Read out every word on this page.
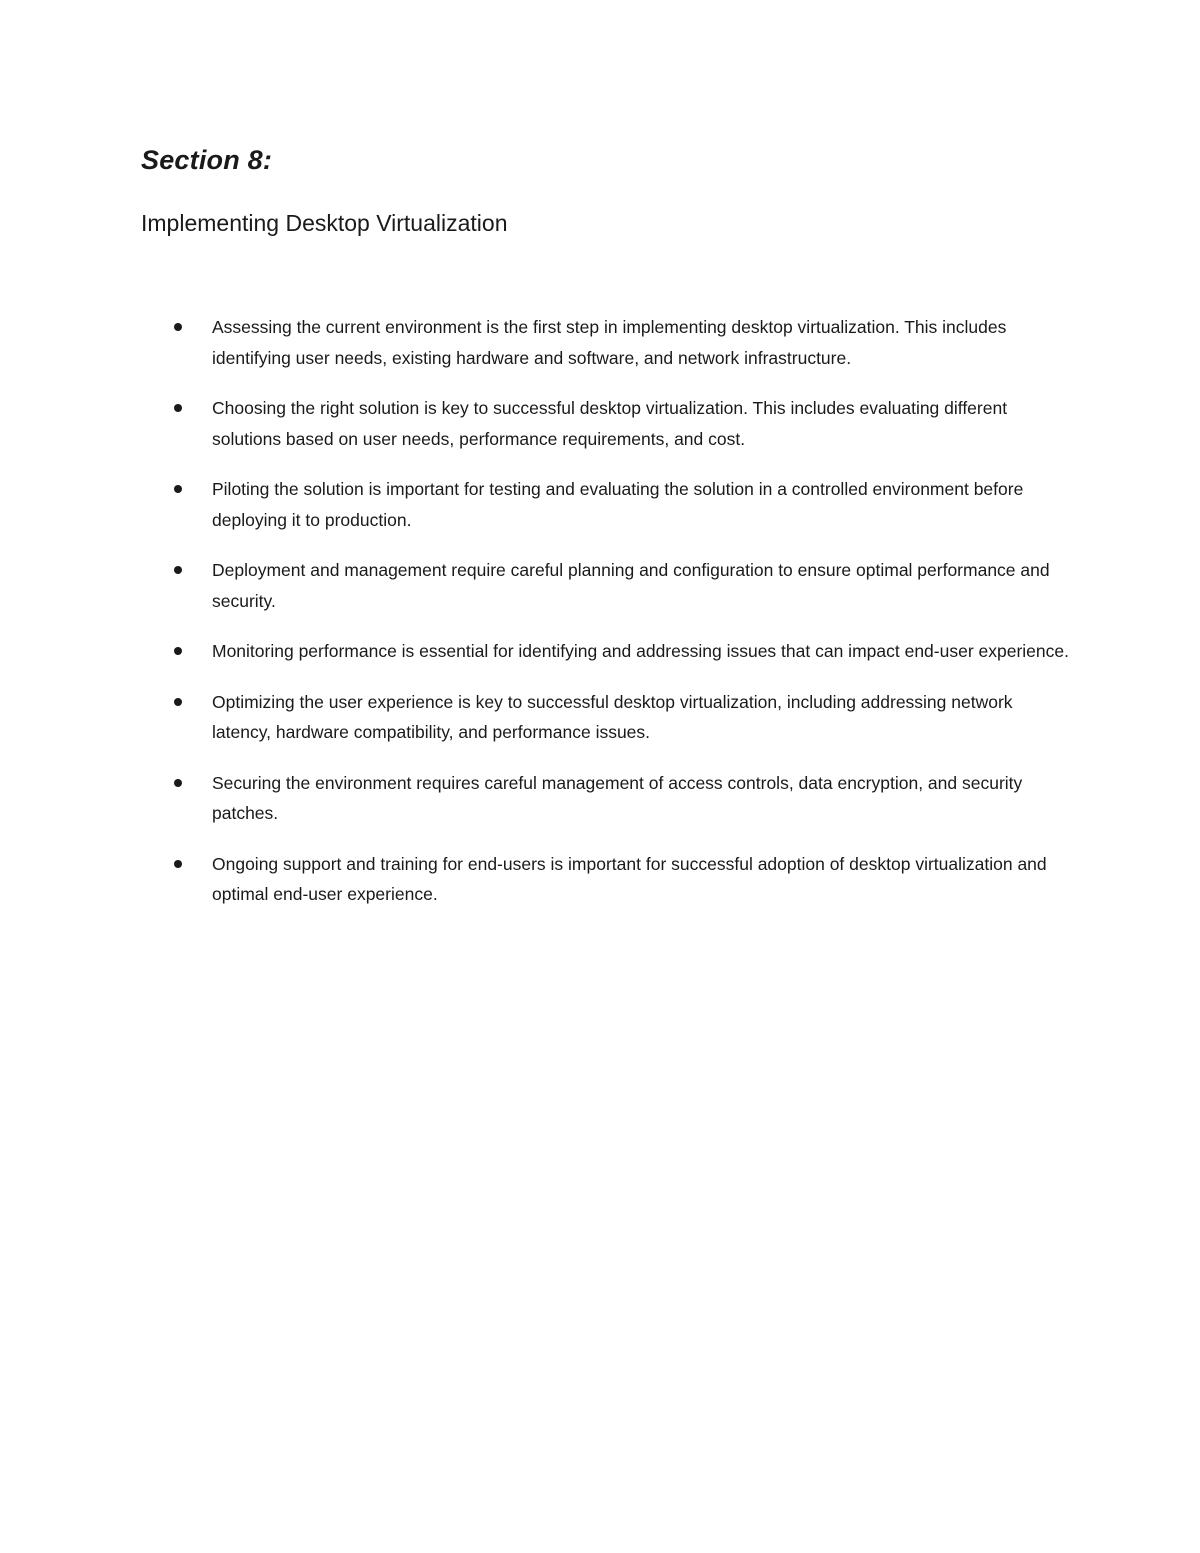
Section 8:
Implementing Desktop Virtualization
Assessing the current environment is the first step in implementing desktop virtualization. This includes identifying user needs, existing hardware and software, and network infrastructure.
Choosing the right solution is key to successful desktop virtualization. This includes evaluating different solutions based on user needs, performance requirements, and cost.
Piloting the solution is important for testing and evaluating the solution in a controlled environment before deploying it to production.
Deployment and management require careful planning and configuration to ensure optimal performance and security.
Monitoring performance is essential for identifying and addressing issues that can impact end-user experience.
Optimizing the user experience is key to successful desktop virtualization, including addressing network latency, hardware compatibility, and performance issues.
Securing the environment requires careful management of access controls, data encryption, and security patches.
Ongoing support and training for end-users is important for successful adoption of desktop virtualization and optimal end-user experience.
